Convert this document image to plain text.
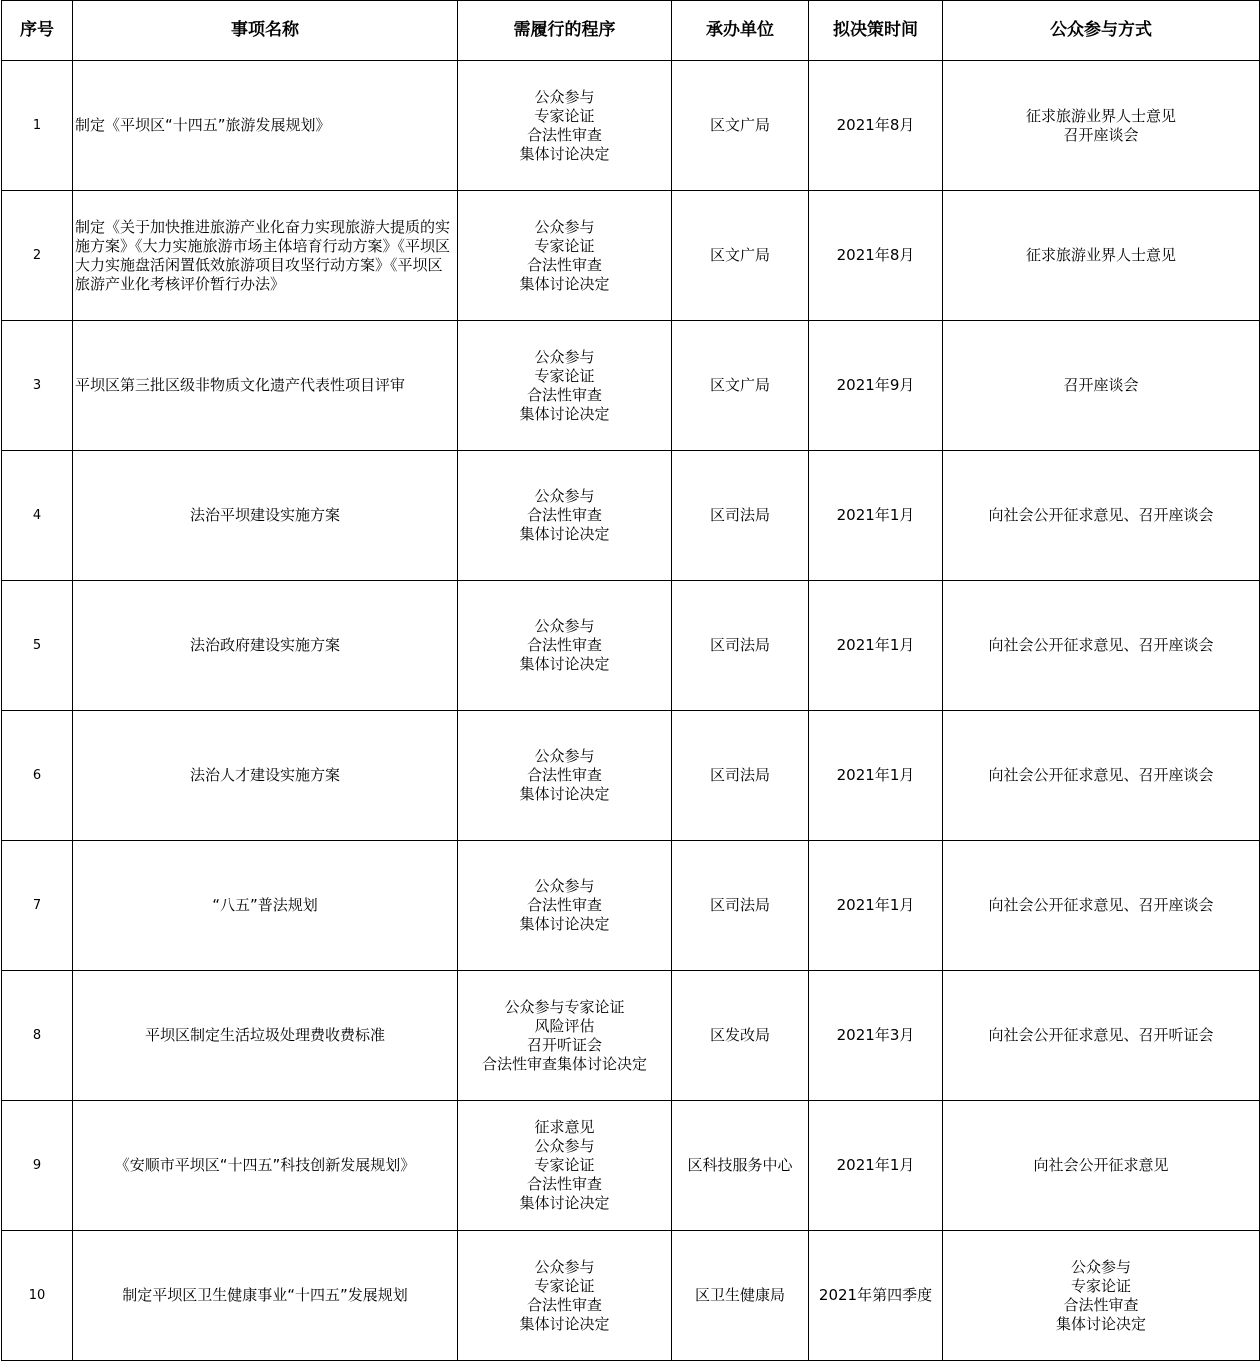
序号	事项名称	需履行的程序	承办单位	拟决策时间	公众参与方式
1	制定《平坝区“十四五”旅游发展规划》	公众参与
专家论证
合法性审查
集体讨论决定	区文广局	2021年8月	征求旅游业界人士意见
召开座谈会

2	制定《关于加快推进旅游产业化奋力实现旅游大提质的实施方案》《大力实施旅游市场主体培育行动方案》《平坝区大力实施盘活闲置低效旅游项目攻坚行动方案》《平坝区旅游产业化考核评价暂行办法》	公众参与
专家论证
合法性审查
集体讨论决定	区文广局	2021年8月	征求旅游业界人士意见

3	平坝区第三批区级非物质文化遗产代表性项目评审	公众参与
专家论证
合法性审查
集体讨论决定	区文广局	2021年9月	召开座谈会

4	法治平坝建设实施方案	公众参与
合法性审查
集体讨论决定	区司法局	2021年1月	向社会公开征求意见、召开座谈会

5	法治政府建设实施方案	公众参与
合法性审查
集体讨论决定	区司法局	2021年1月	向社会公开征求意见、召开座谈会

6	法治人才建设实施方案	公众参与
合法性审查
集体讨论决定	区司法局	2021年1月	向社会公开征求意见、召开座谈会

7	“八五”普法规划	公众参与
合法性审查
集体讨论决定	区司法局	2021年1月	向社会公开征求意见、召开座谈会

8	平坝区制定生活垃圾处理费收费标准	公众参与专家论证
风险评估
召开听证会
合法性审查集体讨论决定	区发改局	2021年3月	向社会公开征求意见、召开听证会

9	《安顺市平坝区“十四五”科技创新发展规划》	征求意见
公众参与
专家论证
合法性审查
集体讨论决定	区科技服务中心	2021年1月	向社会公开征求意见

10	制定平坝区卫生健康事业“十四五”发展规划	公众参与
专家论证
合法性审查
集体讨论决定	区卫生健康局	2021年第四季度	公众参与
专家论证
合法性审查
集体讨论决定
